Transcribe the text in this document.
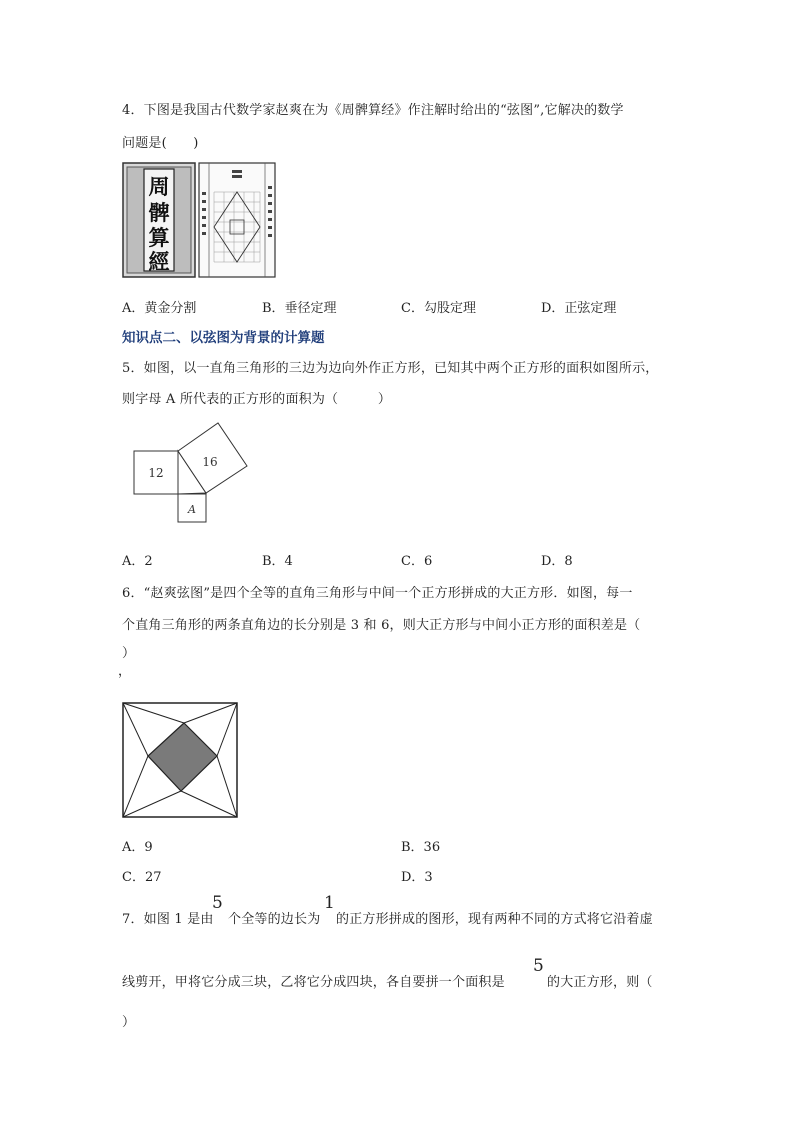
4．下图是我国古代数学家赵爽在为《周髀算经》作注解时给出的“弦图”,它解决的数学
问题是(　　)
周
髀
算
經
A．黄金分割	B．垂径定理	C．勾股定理	D．正弦定理
知识点二、以弦图为背景的计算题
5．如图，以一直角三角形的三边为边向外作正方形，已知其中两个正方形的面积如图所示，
则字母 A 所代表的正方形的面积为（　　　）
12
16
A
A．2	B．4	C．6	D．8
6．“赵爽弦图”是四个全等的直角三角形与中间一个正方形拼成的大正方形．如图，每一
个直角三角形的两条直角边的长分别是 3 和 6，则大正方形与中间小正方形的面积差是（
）
，
A．9	B．36
C．27	D．3
7．如图 1 是由
5
个全等的边长为
1
的正方形拼成的图形，现有两种不同的方式将它沿着虚
线剪开，甲将它分成三块，乙将它分成四块，各自要拼一个面积是
5
的大正方形，则（
）
